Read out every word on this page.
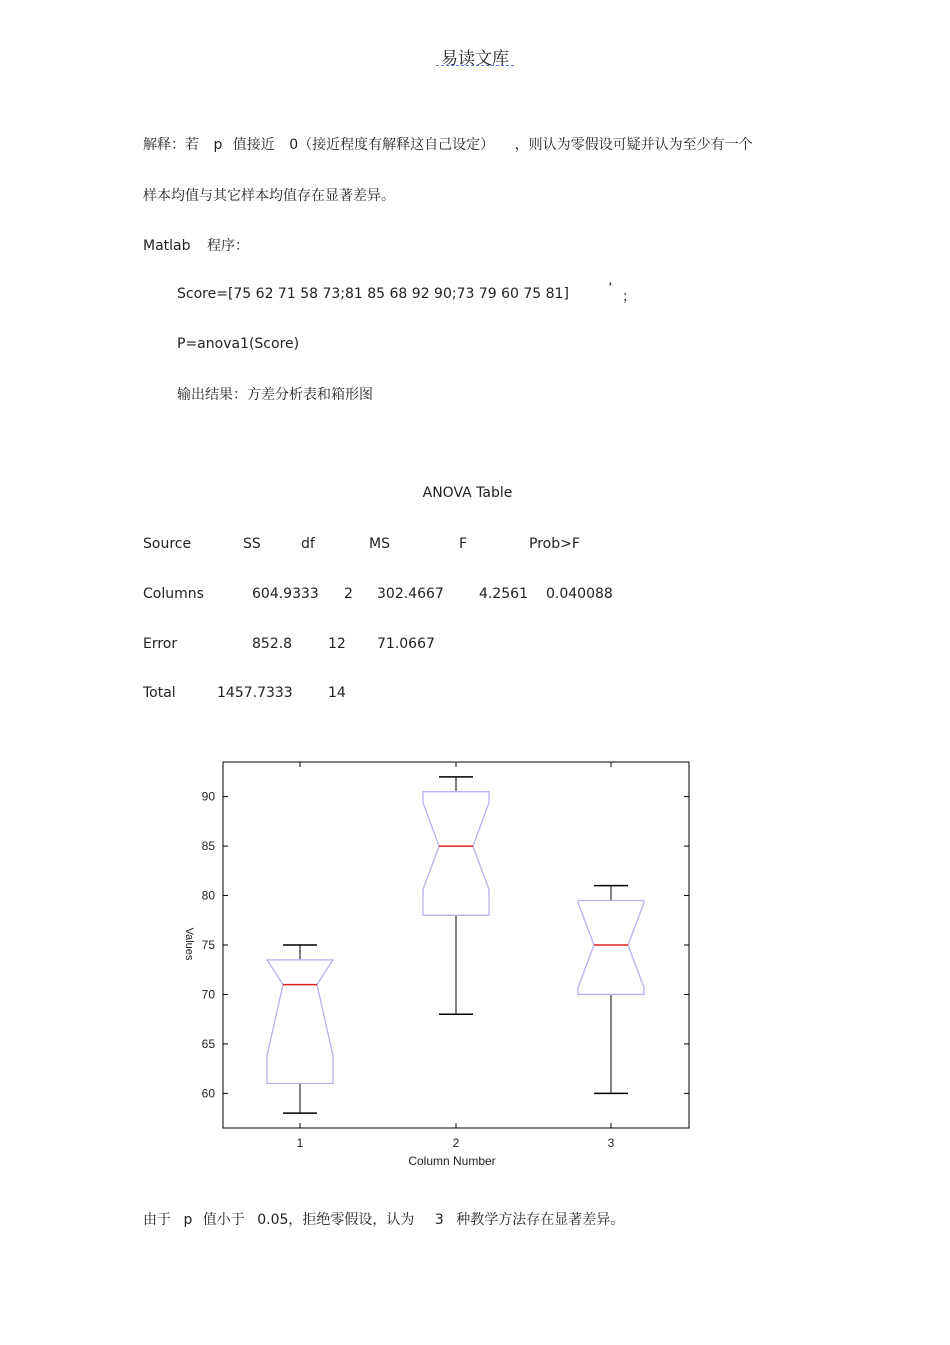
易读文库
解释：若 p 值接近 0（接近程度有解释这自己设定） ，则认为零假设可疑并认为至少有一个
样本均值与其它样本均值存在显著差异。
Matlab 程序：
Score=[75 62 71 58 73;81 85 68 92 90;73 79 60 75 81]	’ ；
P=anova1(Score)
输出结果：方差分析表和箱形图
ANOVA Table
Source	SS	df	MS	F	Prob>F
Columns	604.9333 2 302.4667	4.2561 0.040088
Error	852.8	12 71.0667
Total	1457.7333	14
60
65
70
75
80
85
90
1	2	3
Column Number
Values
由于 p 值小于 0.05，拒绝零假设，认为 3 种教学方法存在显著差异。
